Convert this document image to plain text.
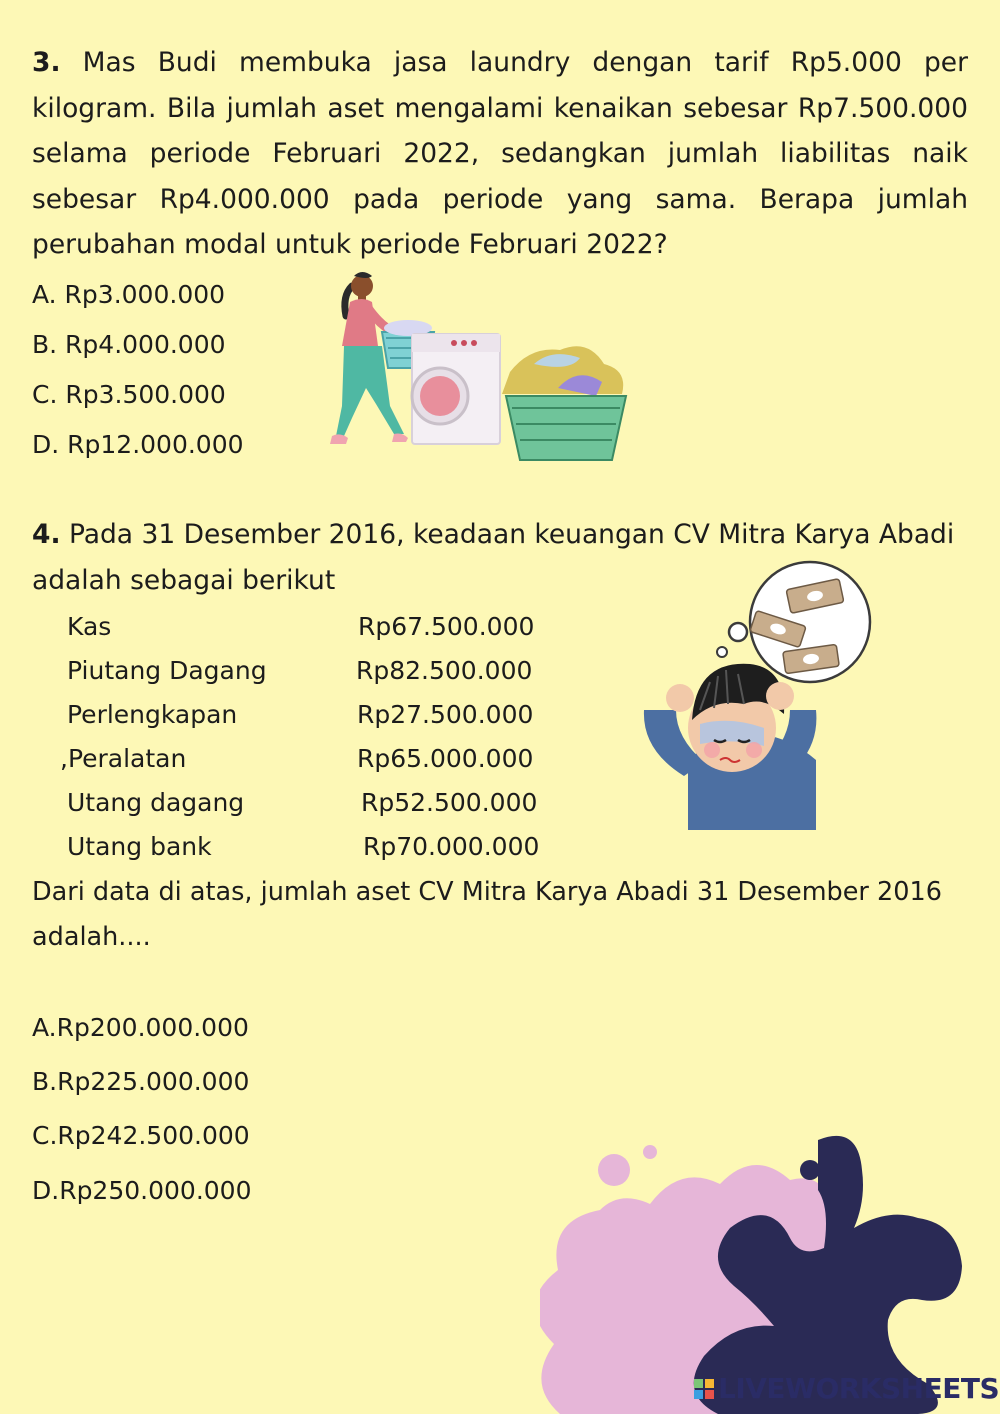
3. Mas Budi membuka jasa laundry dengan tarif Rp5.000 per kilogram. Bila jumlah aset mengalami kenaikan sebesar Rp7.500.000 selama periode Februari 2022, sedangkan jumlah liabilitas naik sebesar Rp4.000.000 pada periode yang sama. Berapa jumlah perubahan modal untuk periode Februari 2022?

A. Rp3.000.000

B. Rp4.000.000

C. Rp3.500.000

D. Rp12.000.000

4. Pada 31 Desember 2016, keadaan keuangan CV Mitra Karya Abadi adalah sebagai berikut

Kas	Rp67.500.000

Piutang Dagang	Rp82.500.000

Perlengkapan	Rp27.500.000

,Peralatan	Rp65.000.000

Utang dagang	Rp52.500.000

Utang bank	Rp70.000.000

Dari data di atas, jumlah aset CV Mitra Karya Abadi 31 Desember 2016 adalah....

A.Rp200.000.000

B.Rp225.000.000

C.Rp242.500.000

D.Rp250.000.000

LIVEWORKSHEETS
